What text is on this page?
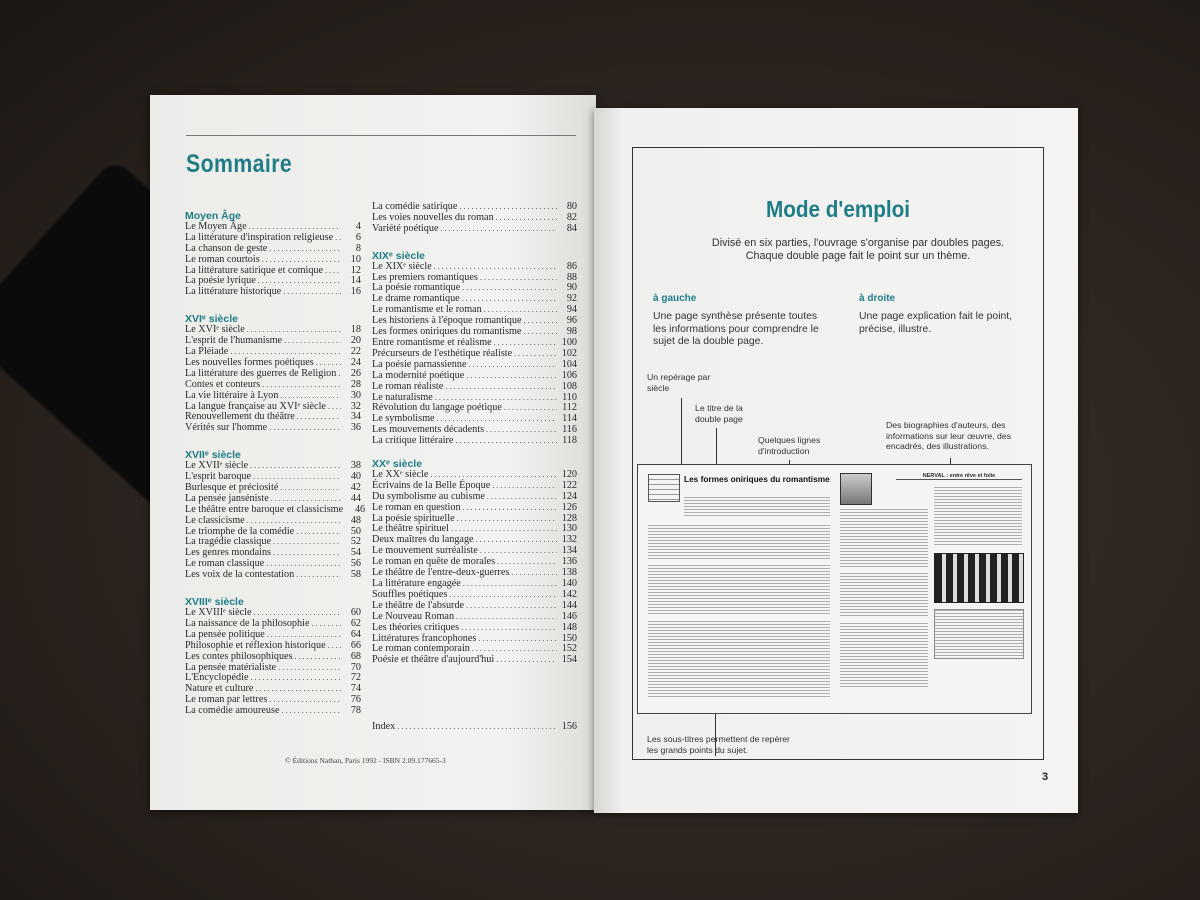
Sommaire
Moyen Âge
Le Moyen Âge . . .	4
La littérature d'inspiration religieuse . . .	6
La chanson de geste . . .	8
Le roman courtois . . .	10
La littérature satirique et comique . . .	12
La poésie lyrique . . .	14
La littérature historique . . .	16
XVIᵉ siècle
Le XVIᵉ siècle . . .	18
L'esprit de l'humanisme . . .	20
La Pléiade . . .	22
Les nouvelles formes poétiques . . .	24
La littérature des guerres de Religion . . .	26
Contes et conteurs . . .	28
La vie littéraire à Lyon . . .	30
La langue française au XVIᵉ siècle . . .	32
Renouvellement du théâtre . . .	34
Vérités sur l'homme . . .	36
XVIIᵉ siècle
Le XVIIᵉ siècle . . .	38
L'esprit baroque . . .	40
Burlesque et préciosité . . .	42
La pensée janséniste . . .	44
Le théâtre entre baroque et classicisme	46
Le classicisme . . .	48
Le triomphe de la comédie . . .	50
La tragédie classique . . .	52
Les genres mondains . . .	54
Le roman classique . . .	56
Les voix de la contestation . . .	58
XVIIIᵉ siècle
Le XVIIIᵉ siècle . . .	60
La naissance de la philosophie . . .	62
La pensée politique . . .	64
Philosophie et réflexion historique . . .	66
Les contes philosophiques . . .	68
La pensée matérialiste . . .	70
L'Encyclopédie . . .	72
Nature et culture . . .	74
Le roman par lettres . . .	76
La comédie amoureuse . . .	78
La comédie satirique . . .	80
Les voies nouvelles du roman . . .	82
Variété poétique . . .	84
XIXᵉ siècle
Le XIXᵉ siècle . . .	86
Les premiers romantiques . . .	88
La poésie romantique . . .	90
Le drame romantique . . .	92
Le romantisme et le roman . . .	94
Les historiens à l'époque romantique . . .	96
Les formes oniriques du romantisme . . .	98
Entre romantisme et réalisme . . .	100
Précurseurs de l'esthétique réaliste . . .	102
La poésie parnassienne . . .	104
La modernité poétique . . .	106
Le roman réaliste . . .	108
Le naturalisme . . .	110
Révolution du langage poétique . . .	112
Le symbolisme . . .	114
Les mouvements décadents . . .	116
La critique littéraire . . .	118
XXᵉ siècle
Le XXᵉ siècle . . .	120
Écrivains de la Belle Époque . . .	122
Du symbolisme au cubisme . . .	124
Le roman en question . . .	126
La poésie spirituelle . . .	128
Le théâtre spirituel . . .	130
Deux maîtres du langage . . .	132
Le mouvement surréaliste . . .	134
Le roman en quête de morales . . .	136
Le théâtre de l'entre-deux-guerres . . .	138
La littérature engagée . . .	140
Souffles poétiques . . .	142
Le théâtre de l'absurde . . .	144
Le Nouveau Roman . . .	146
Les théories critiques . . .	148
Littératures francophones . . .	150
Le roman contemporain . . .	152
Poésie et théâtre d'aujourd'hui . . .	154
Index . . .	156
© Éditions Nathan, Paris 1992 - ISBN 2.09.177665-3
Mode d'emploi
Divisé en six parties, l'ouvrage s'organise par doubles pages.
Chaque double page fait le point sur un thème.
à gauche
Une page synthèse présente toutes les informations pour comprendre le sujet de la double page.
à droite
Une page explication fait le point, précise, illustre.
Un repérage par siècle
Le titre de la double page
Quelques lignes d'introduction
Des biographies d'auteurs, des informations sur leur œuvre, des encadrés, des illustrations.
Les sous-titres permettent de repérer les grands points du sujet.
Les formes oniriques du romantisme	NERVAL : entre rêve et folie
3
